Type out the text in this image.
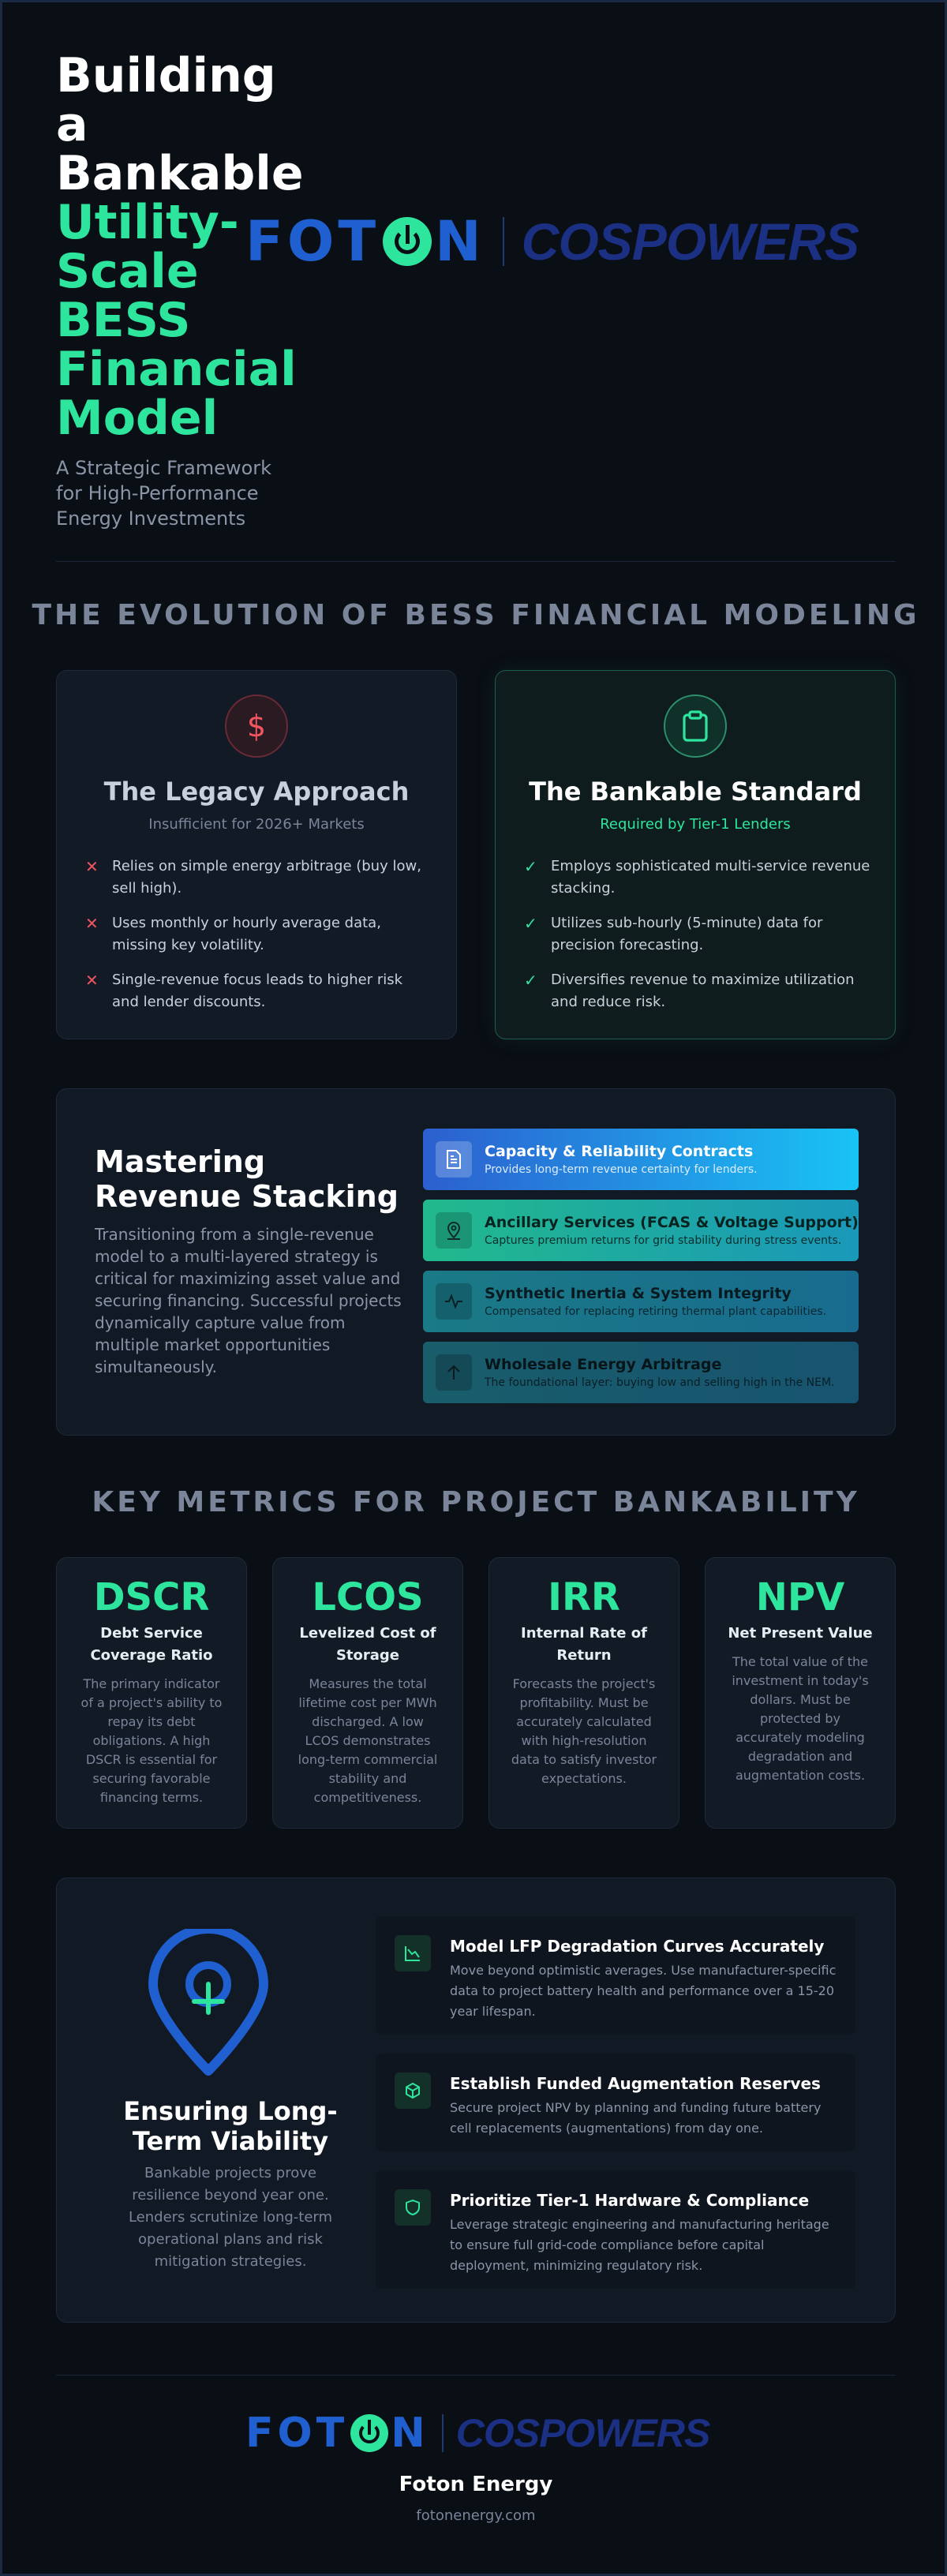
Building
a
Bankable
Utility-
Scale
BESS
Financial
Model
A Strategic Framework for High-Performance Energy Investments
FOT N COSPOWERS
THE EVOLUTION OF BESS FINANCIAL MODELING
$
The Legacy Approach
Insufficient for 2026+ Markets
✕ Relies on simple energy arbitrage (buy low, sell high).
✕ Uses monthly or hourly average data, missing key volatility.
✕ Single-revenue focus leads to higher risk and lender discounts.
The Bankable Standard
Required by Tier-1 Lenders
✓ Employs sophisticated multi-service revenue stacking.
✓ Utilizes sub-hourly (5-minute) data for precision forecasting.
✓ Diversifies revenue to maximize utilization and reduce risk.
Mastering Revenue Stacking
Transitioning from a single-revenue model to a multi-layered strategy is critical for maximizing asset value and securing financing. Successful projects dynamically capture value from multiple market opportunities simultaneously.
Capacity & Reliability Contracts
Provides long-term revenue certainty for lenders.
Ancillary Services (FCAS & Voltage Support)
Captures premium returns for grid stability during stress events.
Synthetic Inertia & System Integrity
Compensated for replacing retiring thermal plant capabilities.
Wholesale Energy Arbitrage
The foundational layer: buying low and selling high in the NEM.
KEY METRICS FOR PROJECT BANKABILITY
DSCR
Debt Service Coverage Ratio
The primary indicator of a project's ability to repay its debt obligations. A high DSCR is essential for securing favorable financing terms.
LCOS
Levelized Cost of Storage
Measures the total lifetime cost per MWh discharged. A low LCOS demonstrates long-term commercial stability and competitiveness.
IRR
Internal Rate of Return
Forecasts the project's profitability. Must be accurately calculated with high-resolution data to satisfy investor expectations.
NPV
Net Present Value
The total value of the investment in today's dollars. Must be protected by accurately modeling degradation and augmentation costs.
Ensuring Long-Term Viability
Bankable projects prove resilience beyond year one. Lenders scrutinize long-term operational plans and risk mitigation strategies.
Model LFP Degradation Curves Accurately
Move beyond optimistic averages. Use manufacturer-specific data to project battery health and performance over a 15-20 year lifespan.
Establish Funded Augmentation Reserves
Secure project NPV by planning and funding future battery cell replacements (augmentations) from day one.
Prioritize Tier-1 Hardware & Compliance
Leverage strategic engineering and manufacturing heritage to ensure full grid-code compliance before capital deployment, minimizing regulatory risk.
FOT N COSPOWERS
Foton Energy
fotonenergy.com
